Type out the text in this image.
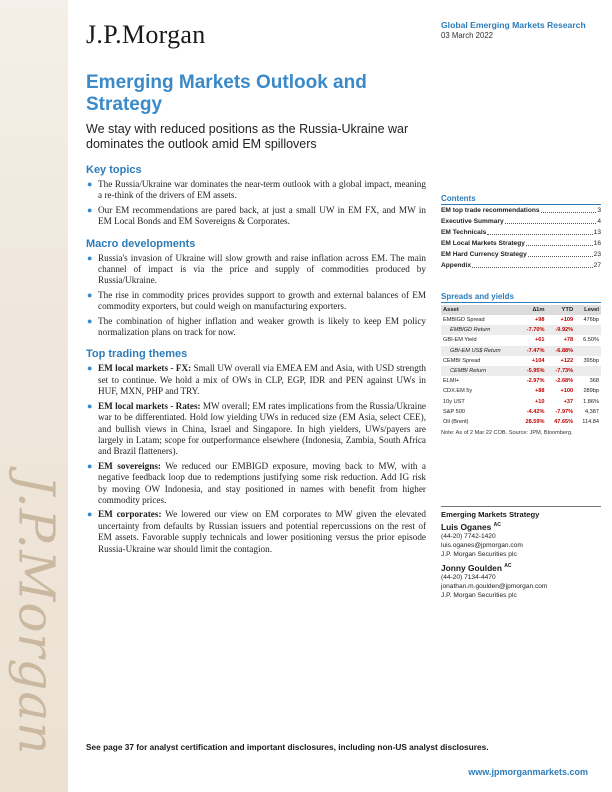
J.P.Morgan
J.P.Morgan	Global Emerging Markets Research
03 March 2022
Emerging Markets Outlook and Strategy
We stay with reduced positions as the Russia-Ukraine war dominates the outlook amid EM spillovers
Key topics
● The Russia/Ukraine war dominates the near-term outlook with a global impact, meaning a re-think of the drivers of EM assets.
● Our EM recommendations are pared back, at just a small UW in EM FX, and MW in EM Local Bonds and EM Sovereigns & Corporates.
Macro developments
● Russia's invasion of Ukraine will slow growth and raise inflation across EM. The main channel of impact is via the price and supply of commodities produced by Russia/Ukraine.
● The rise in commodity prices provides support to growth and external balances of EM commodity exporters, but could weigh on manufacturing exporters.
● The combination of higher inflation and weaker growth is likely to keep EM policy normalization plans on track for now.
Top trading themes
● EM local markets - FX: Small UW overall via EMEA EM and Asia, with USD strength set to continue. We hold a mix of OWs in CLP, EGP, IDR and PEN against UWs in HUF, MXN, PHP and TRY.
● EM local markets - Rates: MW overall; EM rates implications from the Russia/Ukraine war to be differentiated. Hold low yielding UWs in reduced size (EM Asia, select CEE), and bullish views in China, Israel and Singapore. In high yielders, UWs/payers are largely in Latam; scope for outperformance elsewhere (Indonesia, Zambia, South Africa and Brazil flatteners).
● EM sovereigns: We reduced our EMBIGD exposure, moving back to MW, with a negative feedback loop due to redemptions justifying some risk reduction. Add IG risk by moving OW Indonesia, and stay positioned in names with benefit from higher commodity prices.
● EM corporates: We lowered our view on EM corporates to MW given the elevated uncertainty from defaults by Russian issuers and potential repercussions on the rest of EM assets. Favorable supply technicals and lower positioning versus the prior episode Russia-Ukraine war should limit the contagion.
Contents
EM top trade recommendations	3
Executive Summary	4
EM Technicals	13
EM Local Markets Strategy	16
EM Hard Currency Strategy	23
Appendix	27
Spreads and yields
Asset	∆1m	YTD	Level
EMBIGD Spread	+98	+109	476bp
EMBIGD Return	-7.70%	-9.92%	
GBI-EM Yield	+61	+78	6.50%
GBI-EM US$ Return	-7.47%	-6.88%	
CEMBI Spread	+104	+122	395bp
CEMBI Return	-5.95%	-7.73%	
ELMI+	-2.97%	-2.68%	368
CDX.EM 5y	+88	+100	289bp
10y UST	+10	+37	1.86%
S&P 500	-4.42%	-7.97%	4,387
Oil (Brent)	28.59%	47.65%	114.84
Note: As of 2 Mar 22 COB. Source: JPM, Bloomberg.
Emerging Markets Strategy
Luis Oganes $^{AC}$
(44-20) 7742-1420
luis.oganes@jpmorgan.com
J.P. Morgan Securities plc
Jonny Goulden $^{AC}$
(44-20) 7134-4470
jonathan.m.goulden@jpmorgan.com
J.P. Morgan Securities plc
See page 37 for analyst certification and important disclosures, including non-US analyst disclosures.
www.jpmorganmarkets.com
